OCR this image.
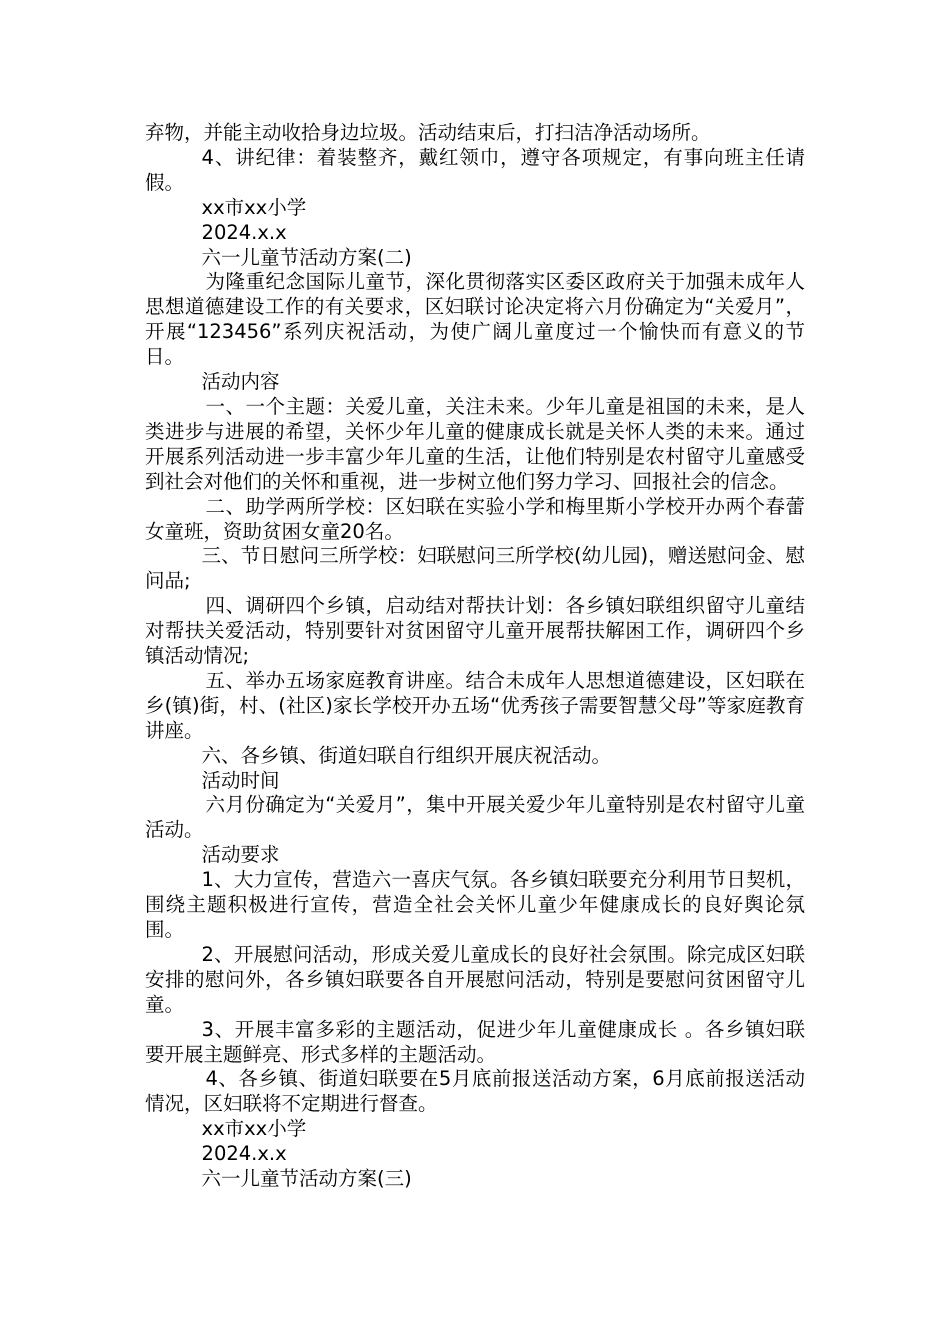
弃物，并能主动收拾身边垃圾。活动结束后，打扫洁净活动场所。

4、讲纪律：着装整齐，戴红领巾，遵守各项规定，有事向班主任请假。

xx市xx小学

2024.x.x

六一儿童节活动方案(二)

为隆重纪念国际儿童节，深化贯彻落实区委区政府关于加强未成年人思想道德建设工作的有关要求，区妇联讨论决定将六月份确定为“关爱月”，开展“123456”系列庆祝活动，为使广阔儿童度过一个愉快而有意义的节日。

活动内容

一、一个主题：关爱儿童，关注未来。少年儿童是祖国的未来，是人类进步与进展的希望，关怀少年儿童的健康成长就是关怀人类的未来。通过开展系列活动进一步丰富少年儿童的生活，让他们特别是农村留守儿童感受到社会对他们的关怀和重视，进一步树立他们努力学习、回报社会的信念。

二、助学两所学校：区妇联在实验小学和梅里斯小学校开办两个春蕾女童班，资助贫困女童20名。

三、节日慰问三所学校：妇联慰问三所学校(幼儿园)，赠送慰问金、慰问品;

四、调研四个乡镇，启动结对帮扶计划：各乡镇妇联组织留守儿童结对帮扶关爱活动，特别要针对贫困留守儿童开展帮扶解困工作，调研四个乡镇活动情况;

五、举办五场家庭教育讲座。结合未成年人思想道德建设，区妇联在乡(镇)街，村、(社区)家长学校开办五场“优秀孩子需要智慧父母”等家庭教育讲座。

六、各乡镇、街道妇联自行组织开展庆祝活动。

活动时间

六月份确定为“关爱月”，集中开展关爱少年儿童特别是农村留守儿童活动。

活动要求

1、大力宣传，营造六一喜庆气氛。各乡镇妇联要充分利用节日契机，围绕主题积极进行宣传，营造全社会关怀儿童少年健康成长的良好舆论氛围。

2、开展慰问活动，形成关爱儿童成长的良好社会氛围。除完成区妇联安排的慰问外，各乡镇妇联要各自开展慰问活动，特别是要慰问贫困留守儿童。

3、开展丰富多彩的主题活动，促进少年儿童健康成长 。各乡镇妇联要开展主题鲜亮、形式多样的主题活动。

4、各乡镇、街道妇联要在5月底前报送活动方案，6月底前报送活动情况，区妇联将不定期进行督查。

xx市xx小学

2024.x.x

六一儿童节活动方案(三)
